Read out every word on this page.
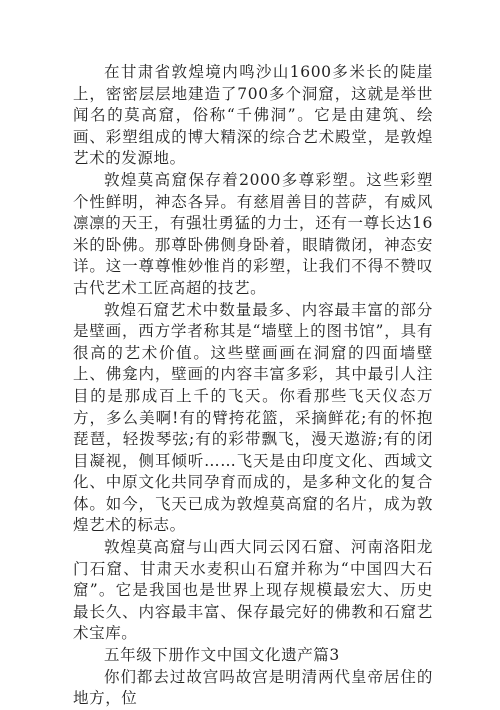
在甘肃省敦煌境内鸣沙山1600多米长的陡崖上，密密层层地建造了700多个洞窟，这就是举世闻名的莫高窟，俗称“千佛洞”。它是由建筑、绘画、彩塑组成的博大精深的综合艺术殿堂，是敦煌艺术的发源地。

敦煌莫高窟保存着2000多尊彩塑。这些彩塑个性鲜明，神态各异。有慈眉善目的菩萨，有威风凛凛的天王，有强壮勇猛的力士，还有一尊长达16米的卧佛。那尊卧佛侧身卧着，眼睛微闭，神态安详。这一尊尊惟妙惟肖的彩塑，让我们不得不赞叹古代艺术工匠高超的技艺。

敦煌石窟艺术中数量最多、内容最丰富的部分是壁画，西方学者称其是“墙壁上的图书馆”，具有很高的艺术价值。这些壁画画在洞窟的四面墙壁上、佛龛内，壁画的内容丰富多彩，其中最引人注目的是那成百上千的飞天。你看那些飞天仪态万方，多么美啊!有的臂挎花篮，采摘鲜花;有的怀抱琵琶，轻拨琴弦;有的彩带飘飞，漫天遨游;有的闭目凝视，侧耳倾听……飞天是由印度文化、西域文化、中原文化共同孕育而成的，是多种文化的复合体。如今，飞天已成为敦煌莫高窟的名片，成为敦煌艺术的标志。

敦煌莫高窟与山西大同云冈石窟、河南洛阳龙门石窟、甘肃天水麦积山石窟并称为“中国四大石窟”。它是我国也是世界上现存规模最宏大、历史最长久、内容最丰富、保存最完好的佛教和石窟艺术宝库。

五年级下册作文中国文化遗产篇3

你们都去过故宫吗故宫是明清两代皇帝居住的地方，位
